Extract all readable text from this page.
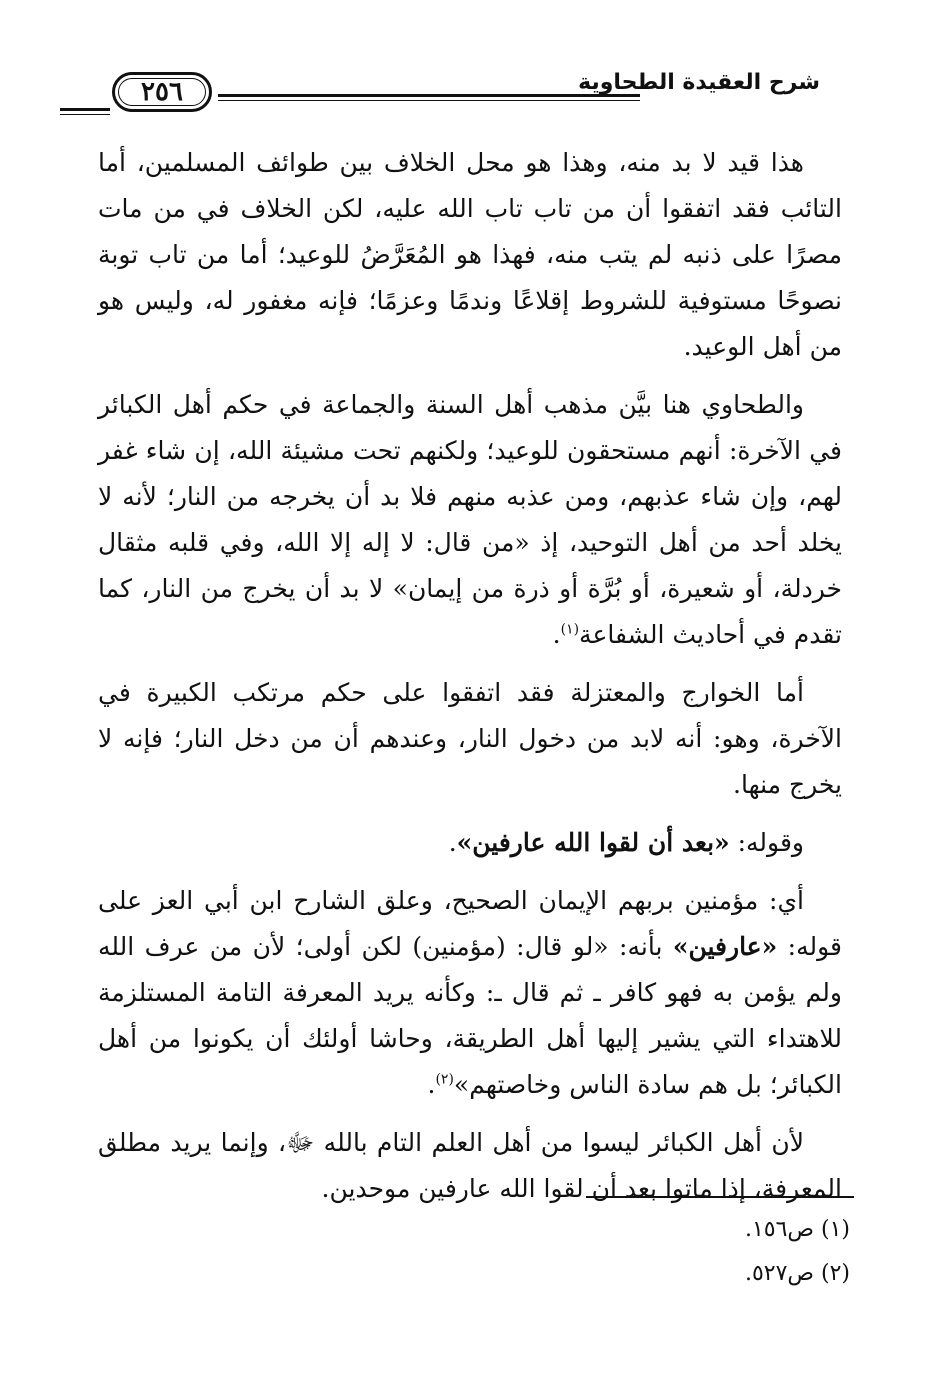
شرح العقيدة الطحاوية
٢٥٦

هذا قيد لا بد منه، وهذا هو محل الخلاف بين طوائف المسلمين، أما التائب فقد اتفقوا أن من تاب تاب الله عليه، لكن الخلاف في من مات مصرًا على ذنبه لم يتب منه، فهذا هو المُعَرَّضُ للوعيد؛ أما من تاب توبة نصوحًا مستوفية للشروط إقلاعًا وندمًا وعزمًا؛ فإنه مغفور له، وليس هو من أهل الوعيد.

والطحاوي هنا بيَّن مذهب أهل السنة والجماعة في حكم أهل الكبائر في الآخرة: أنهم مستحقون للوعيد؛ ولكنهم تحت مشيئة الله، إن شاء غفر لهم، وإن شاء عذبهم، ومن عذبه منهم فلا بد أن يخرجه من النار؛ لأنه لا يخلد أحد من أهل التوحيد، إذ «من قال: لا إله إلا الله، وفي قلبه مثقال خردلة، أو شعيرة، أو بُرَّة أو ذرة من إيمان» لا بد أن يخرج من النار، كما تقدم في أحاديث الشفاعة$^{(١)}$.

أما الخوارج والمعتزلة فقد اتفقوا على حكم مرتكب الكبيرة في الآخرة، وهو: أنه لابد من دخول النار، وعندهم أن من دخل النار؛ فإنه لا يخرج منها.

وقوله: «بعد أن لقوا الله عارفين».

أي: مؤمنين بربهم الإيمان الصحيح، وعلق الشارح ابن أبي العز على قوله: «عارفين» بأنه: «لو قال: (مؤمنين) لكن أولى؛ لأن من عرف الله ولم يؤمن به فهو كافر ـ ثم قال ـ: وكأنه يريد المعرفة التامة المستلزمة للاهتداء التي يشير إليها أهل الطريقة، وحاشا أولئك أن يكونوا من أهل الكبائر؛ بل هم سادة الناس وخاصتهم»$^{(٢)}$.

لأن أهل الكبائر ليسوا من أهل العلم التام بالله ﷻ، وإنما يريد مطلق المعرفة، إذا ماتوا بعد أن لقوا الله عارفين موحدين.

(١) ص١٥٦.

(٢) ص٥٢٧.
